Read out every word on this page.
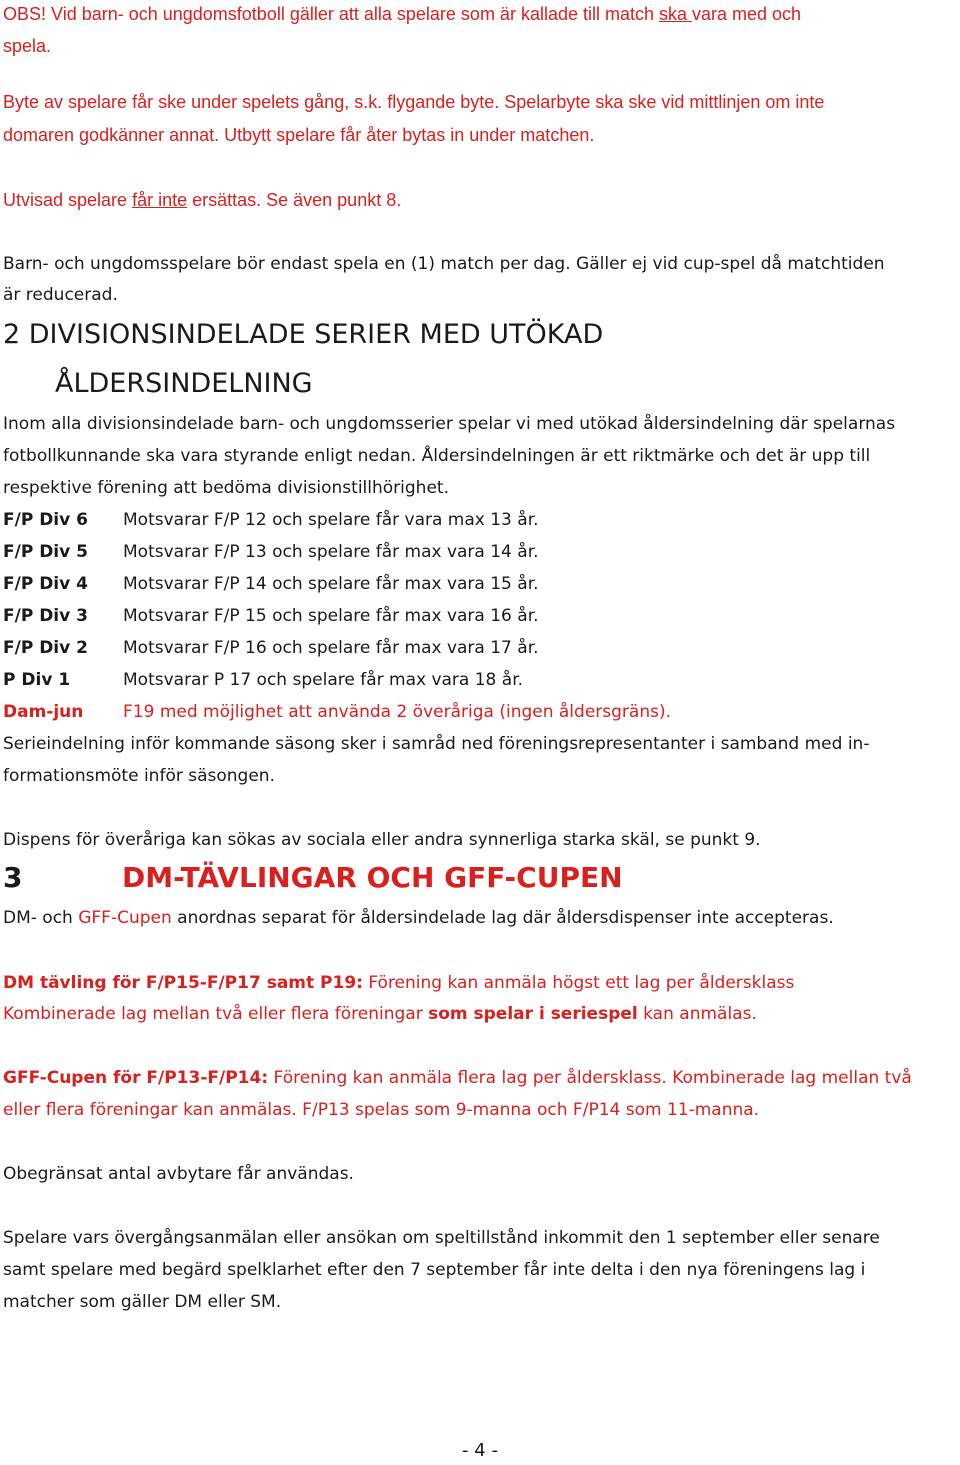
OBS! Vid barn- och ungdomsfotboll gäller att alla spelare som är kallade till match ska vara med och
spela.
Byte av spelare får ske under spelets gång, s.k. flygande byte. Spelarbyte ska ske vid mittlinjen om inte
domaren godkänner annat. Utbytt spelare får åter bytas in under matchen.
Utvisad spelare får inte ersättas. Se även punkt 8.
Barn- och ungdomsspelare bör endast spela en (1) match per dag. Gäller ej vid cup-spel då matchtiden
är reducerad.
2 DIVISIONSINDELADE SERIER MED UTÖKAD
ÅLDERSINDELNING
Inom alla divisionsindelade barn- och ungdomsserier spelar vi med utökad åldersindelning där spelarnas
fotbollkunnande ska vara styrande enligt nedan. Åldersindelningen är ett riktmärke och det är upp till
respektive förening att bedöma divisionstillhörighet.
F/P Div 6 Motsvarar F/P 12 och spelare får vara max 13 år.
F/P Div 5 Motsvarar F/P 13 och spelare får max vara 14 år.
F/P Div 4 Motsvarar F/P 14 och spelare får max vara 15 år.
F/P Div 3 Motsvarar F/P 15 och spelare får max vara 16 år.
F/P Div 2 Motsvarar F/P 16 och spelare får max vara 17 år.
P Div 1	Motsvarar P 17 och spelare får max vara 18 år.
Dam-jun F19 med möjlighet att använda 2 överåriga (ingen åldersgräns).
Serieindelning inför kommande säsong sker i samråd ned föreningsrepresentanter i samband med in-
formationsmöte inför säsongen.
Dispens för överåriga kan sökas av sociala eller andra synnerliga starka skäl, se punkt 9.
3	DM-TÄVLINGAR OCH GFF-CUPEN
DM- och GFF-Cupen anordnas separat för åldersindelade lag där åldersdispenser inte accepteras.
DM tävling för F/P15-F/P17 samt P19: Förening kan anmäla högst ett lag per åldersklass
Kombinerade lag mellan två eller flera föreningar som spelar i seriespel kan anmälas.
GFF-Cupen för F/P13-F/P14: Förening kan anmäla flera lag per åldersklass. Kombinerade lag mellan två
eller flera föreningar kan anmälas. F/P13 spelas som 9-manna och F/P14 som 11-manna.
Obegränsat antal avbytare får användas.
Spelare vars övergångsanmälan eller ansökan om speltillstånd inkommit den 1 september eller senare
samt spelare med begärd spelklarhet efter den 7 september får inte delta i den nya föreningens lag i
matcher som gäller DM eller SM.
- 4 -
